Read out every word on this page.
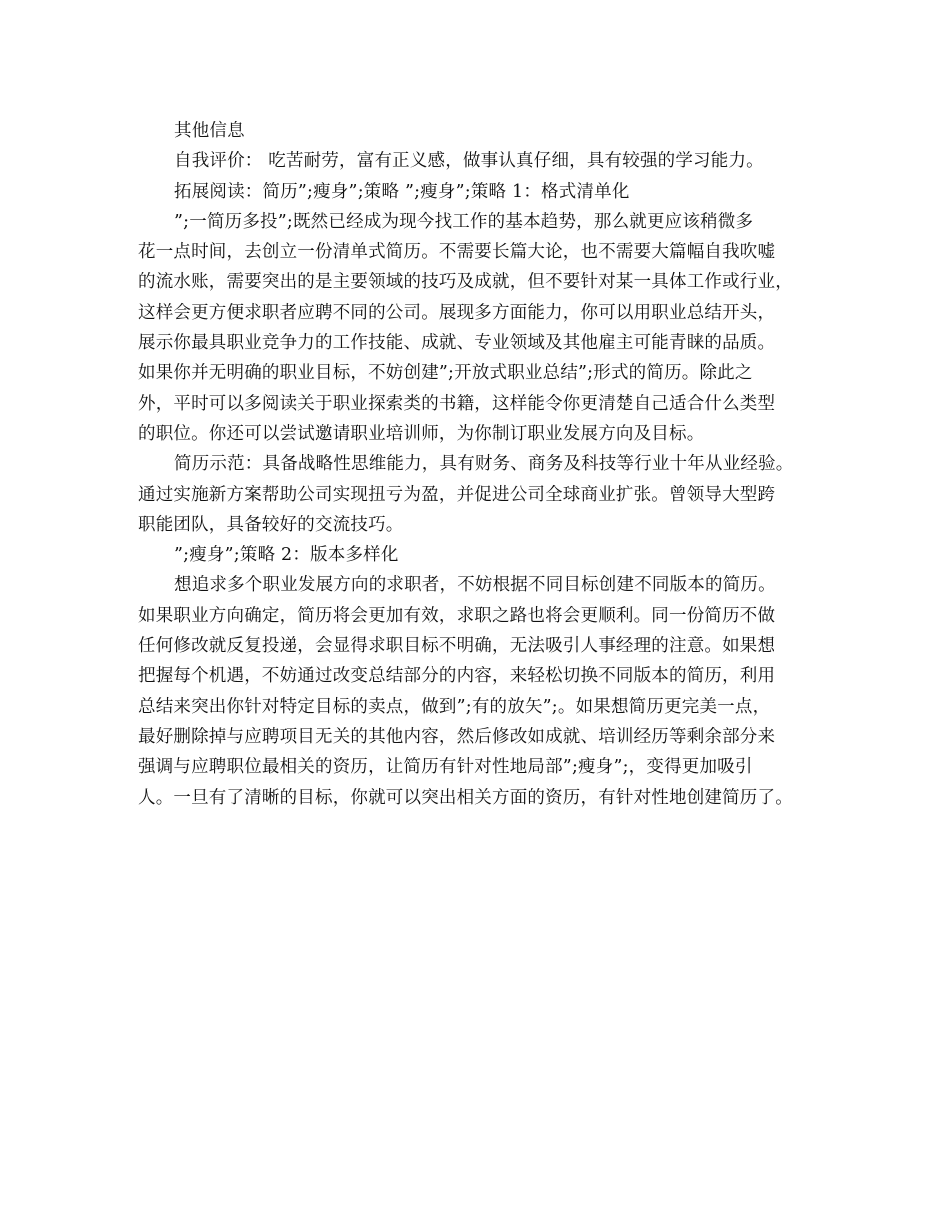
其他信息
自我评价： 吃苦耐劳，富有正义感，做事认真仔细，具有较强的学习能力。
拓展阅读：简历”;瘦身”;策略 ”;瘦身”;策略 1：格式清单化
”;一简历多投”;既然已经成为现今找工作的基本趋势，那么就更应该稍微多
花一点时间，去创立一份清单式简历。不需要长篇大论，也不需要大篇幅自我吹嘘
的流水账，需要突出的是主要领域的技巧及成就，但不要针对某一具体工作或行业，
这样会更方便求职者应聘不同的公司。展现多方面能力，你可以用职业总结开头，
展示你最具职业竞争力的工作技能、成就、专业领域及其他雇主可能青睐的品质。
如果你并无明确的职业目标，不妨创建”;开放式职业总结”;形式的简历。除此之
外，平时可以多阅读关于职业探索类的书籍，这样能令你更清楚自己适合什么类型
的职位。你还可以尝试邀请职业培训师，为你制订职业发展方向及目标。
简历示范：具备战略性思维能力，具有财务、商务及科技等行业十年从业经验。
通过实施新方案帮助公司实现扭亏为盈，并促进公司全球商业扩张。曾领导大型跨
职能团队，具备较好的交流技巧。
”;瘦身”;策略 2：版本多样化
想追求多个职业发展方向的求职者，不妨根据不同目标创建不同版本的简历。
如果职业方向确定，简历将会更加有效，求职之路也将会更顺利。同一份简历不做
任何修改就反复投递，会显得求职目标不明确，无法吸引人事经理的注意。如果想
把握每个机遇，不妨通过改变总结部分的内容，来轻松切换不同版本的简历，利用
总结来突出你针对特定目标的卖点，做到”;有的放矢”;。如果想简历更完美一点，
最好删除掉与应聘项目无关的其他内容，然后修改如成就、培训经历等剩余部分来
强调与应聘职位最相关的资历，让简历有针对性地局部”;瘦身”;，变得更加吸引
人。一旦有了清晰的目标，你就可以突出相关方面的资历，有针对性地创建简历了。
